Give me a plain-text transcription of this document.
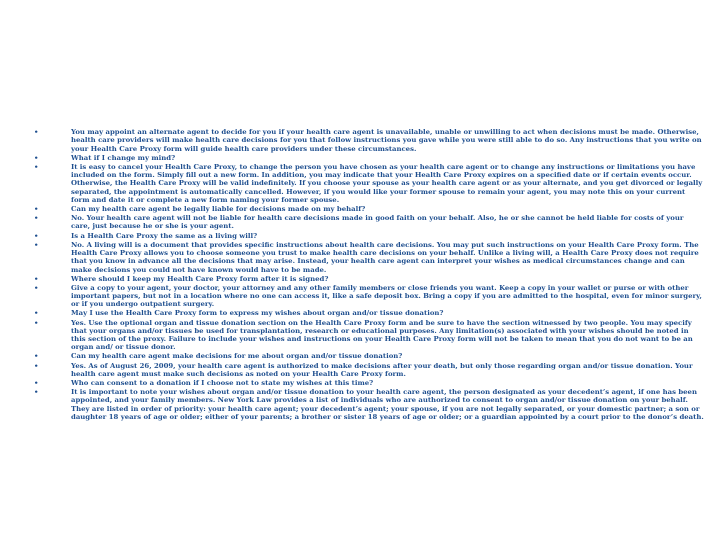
•	You may appoint an alternate agent to decide for you if your health care agent is unavailable, unable or unwilling to act when decisions must be made. Otherwise, health care providers will make health care decisions for you that follow instructions you gave while you were still able to do so. Any instructions that you write on your Health Care Proxy form will guide health care providers under these circumstances.
•	What if I change my mind?
•	It is easy to cancel your Health Care Proxy, to change the person you have chosen as your health care agent or to change any instructions or limitations you have included on the form. Simply fill out a new form. In addition, you may indicate that your Health Care Proxy expires on a specified date or if certain events occur. Otherwise, the Health Care Proxy will be valid indefinitely. If you choose your spouse as your health care agent or as your alternate, and you get divorced or legally separated, the appointment is automatically cancelled. However, if you would like your former spouse to remain your agent, you may note this on your current form and date it or complete a new form naming your former spouse.
•	Can my health care agent be legally liable for decisions made on my behalf?
•	No. Your health care agent will not be liable for health care decisions made in good faith on your behalf. Also, he or she cannot be held liable for costs of your care, just because he or she is your agent.
•	Is a Health Care Proxy the same as a living will?
•	No. A living will is a document that provides specific instructions about health care decisions. You may put such instructions on your Health Care Proxy form. The Health Care Proxy allows you to choose someone you trust to make health care decisions on your behalf. Unlike a living will, a Health Care Proxy does not require that you know in advance all the decisions that may arise. Instead, your health care agent can interpret your wishes as medical circumstances change and can make decisions you could not have known would have to be made.
•	Where should I keep my Health Care Proxy form after it is signed?
•	Give a copy to your agent, your doctor, your attorney and any other family members or close friends you want. Keep a copy in your wallet or purse or with other important papers, but not in a location where no one can access it, like a safe deposit box. Bring a copy if you are admitted to the hospital, even for minor surgery, or if you undergo outpatient surgery.
•	May I use the Health Care Proxy form to express my wishes about organ and/or tissue donation?
•	Yes. Use the optional organ and tissue donation section on the Health Care Proxy form and be sure to have the section witnessed by two people. You may specify that your organs and/or tissues be used for transplantation, research or educational purposes. Any limitation(s) associated with your wishes should be noted in this section of the proxy. Failure to include your wishes and instructions on your Health Care Proxy form will not be taken to mean that you do not want to be an organ and/ or tissue donor.
•	Can my health care agent make decisions for me about organ and/or tissue donation?
•	Yes. As of August 26, 2009, your health care agent is authorized to make decisions after your death, but only those regarding organ and/or tissue donation. Your health care agent must make such decisions as noted on your Health Care Proxy form.
•	Who can consent to a donation if I choose not to state my wishes at this time?
•	It is important to note your wishes about organ and/or tissue donation to your health care agent, the person designated as your decedent’s agent, if one has been appointed, and your family members. New York Law provides a list of individuals who are authorized to consent to organ and/or tissue donation on your behalf. They are listed in order of priority: your health care agent; your decedent’s agent; your spouse, if you are not legally separated, or your domestic partner; a son or daughter 18 years of age or older; either of your parents; a brother or sister 18 years of age or older; or a guardian appointed by a court prior to the donor’s death.
